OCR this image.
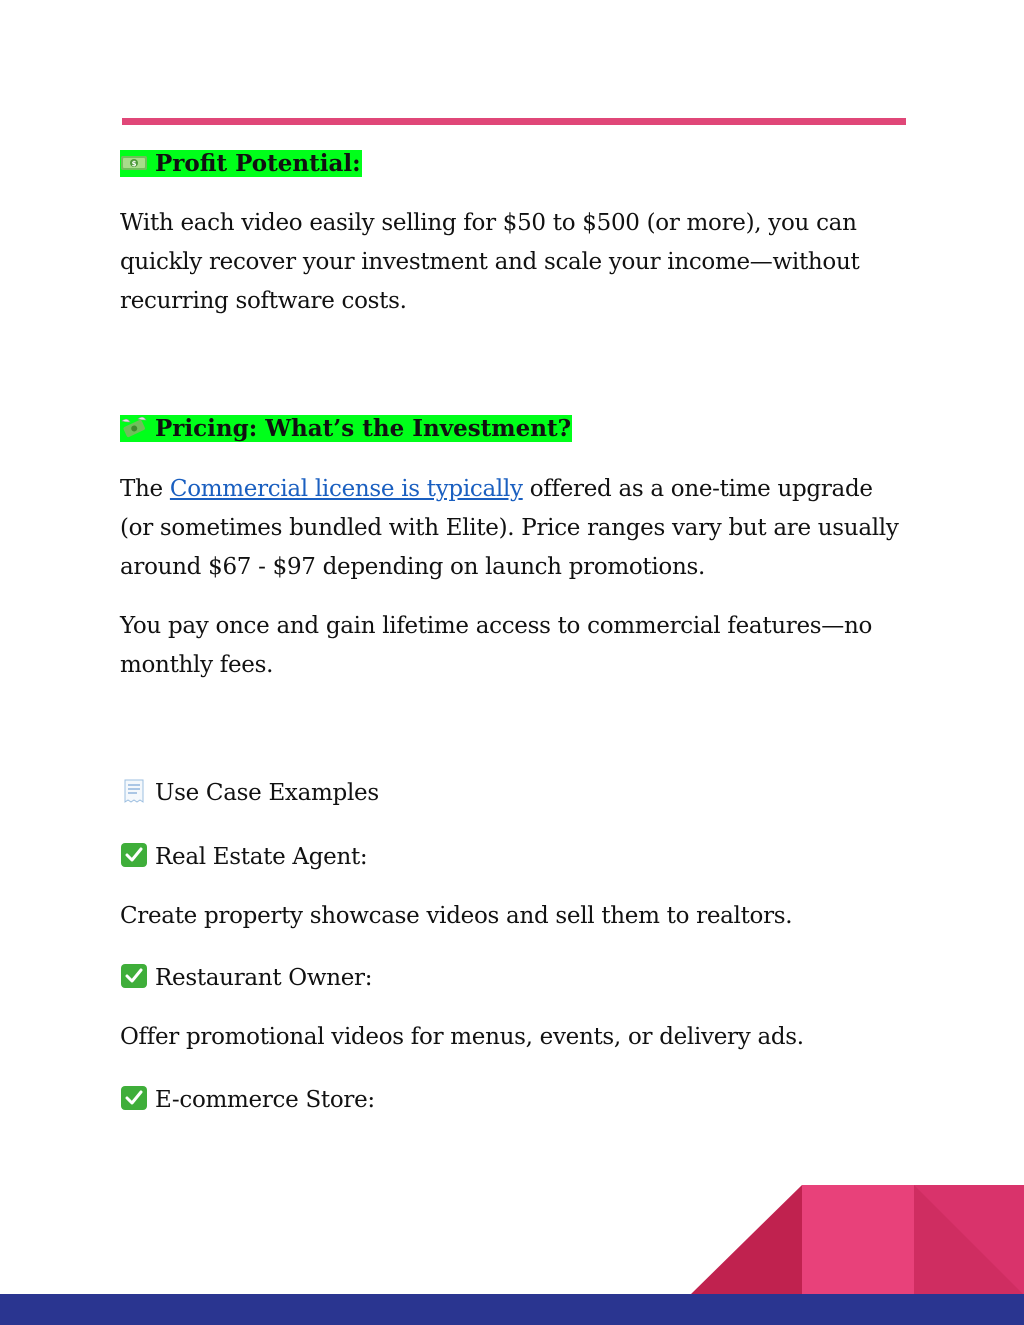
$ Profit Potential:

With each video easily selling for $50 to $500 (or more), you can quickly recover your investment and scale your income—without recurring software costs.

Pricing: What’s the Investment?

The Commercial license is typically offered as a one-time upgrade (or sometimes bundled with Elite). Price ranges vary but are usually around $67 - $97 depending on launch promotions.

You pay once and gain lifetime access to commercial features—no monthly fees.

Use Case Examples
Real Estate Agent:
Create property showcase videos and sell them to realtors.
Restaurant Owner:
Offer promotional videos for menus, events, or delivery ads.
E-commerce Store:
